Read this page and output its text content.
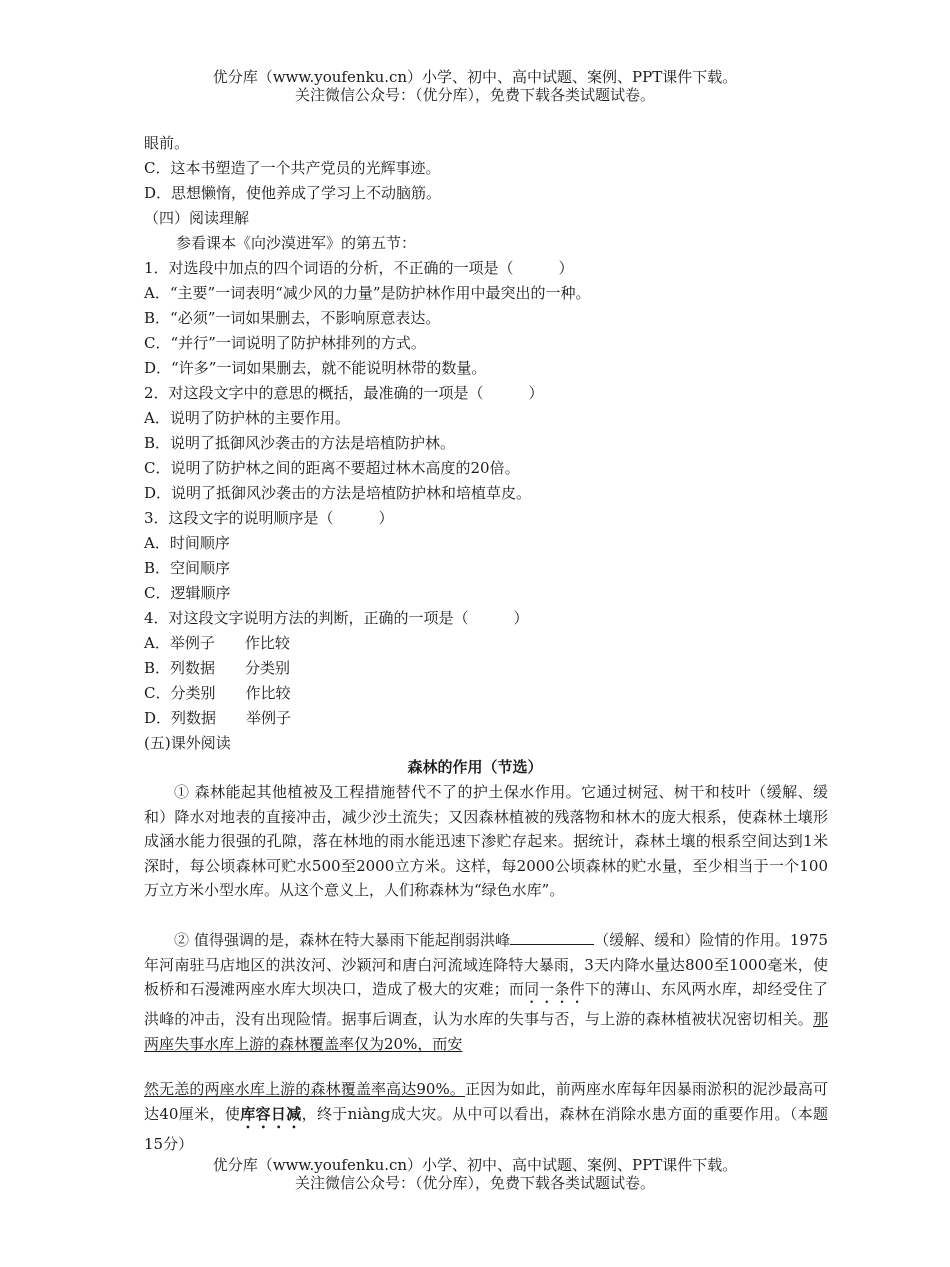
优分库（www.youfenku.cn）小学、初中、高中试题、案例、PPT课件下载。
关注微信公众号：（优分库），免费下载各类试题试卷。
眼前。
C．这本书塑造了一个共产党员的光辉事迹。
D．思想懒惰，使他养成了学习上不动脑筋。
（四）阅读理解
参看课本《向沙漠进军》的第五节：
1．对选段中加点的四个词语的分析，不正确的一项是（　　　）
A．“主要”一词表明“减少风的力量”是防护林作用中最突出的一种。
B．“必须”一词如果删去，不影响原意表达。
C．“并行”一词说明了防护林排列的方式。
D．“许多”一词如果删去，就不能说明林带的数量。
2．对这段文字中的意思的概括，最准确的一项是（　　　）
A．说明了防护林的主要作用。
B．说明了抵御风沙袭击的方法是培植防护林。
C．说明了防护林之间的距离不要超过林木高度的20倍。
D．说明了抵御风沙袭击的方法是培植防护林和培植草皮。
3．这段文字的说明顺序是（　　　）
A．时间顺序
B．空间顺序
C．逻辑顺序
4．对这段文字说明方法的判断，正确的一项是（　　　）
A．举例子　　作比较
B．列数据　　分类别
C．分类别　　作比较
D．列数据　　举例子
(五)课外阅读
森林的作用（节选）
① 森林能起其他植被及工程措施替代不了的护土保水作用。它通过树冠、树干和枝叶（缓解、缓和）降水对地表的直接冲击，减少沙土流失；又因森林植被的残落物和林木的庞大根系，使森林土壤形成涵水能力很强的孔隙，落在林地的雨水能迅速下渗贮存起来。据统计，森林土壤的根系空间达到1米深时，每公顷森林可贮水500至2000立方米。这样，每2000公顷森林的贮水量，至少相当于一个100万立方米小型水库。从这个意义上，人们称森林为“绿色水库”。
② 值得强调的是，森林在特大暴雨下能起削弱洪峰	（缓解、缓和）险情的作用。1975年河南驻马店地区的洪汝河、沙颖河和唐白河流域连降特大暴雨，3天内降水量达800至1000毫米，使板桥和石漫滩两座水库大坝决口，造成了极大的灾难；而同一条件下的薄山、东风两水库，却经受住了洪峰的冲击，没有出现险情。据事后调查，认为水库的失事与否，与上游的森林植被状况密切相关。那两座失事水库上游的森林覆盖率仅为20%，而安
然无恙的两座水库上游的森林覆盖率高达90%。正因为如此，前两座水库每年因暴雨淤积的泥沙最高可达40厘米，使库容日减，终于niàng成大灾。从中可以看出，森林在消除水患方面的重要作用。（本题15分）
优分库（www.youfenku.cn）小学、初中、高中试题、案例、PPT课件下载。
关注微信公众号：（优分库），免费下载各类试题试卷。
